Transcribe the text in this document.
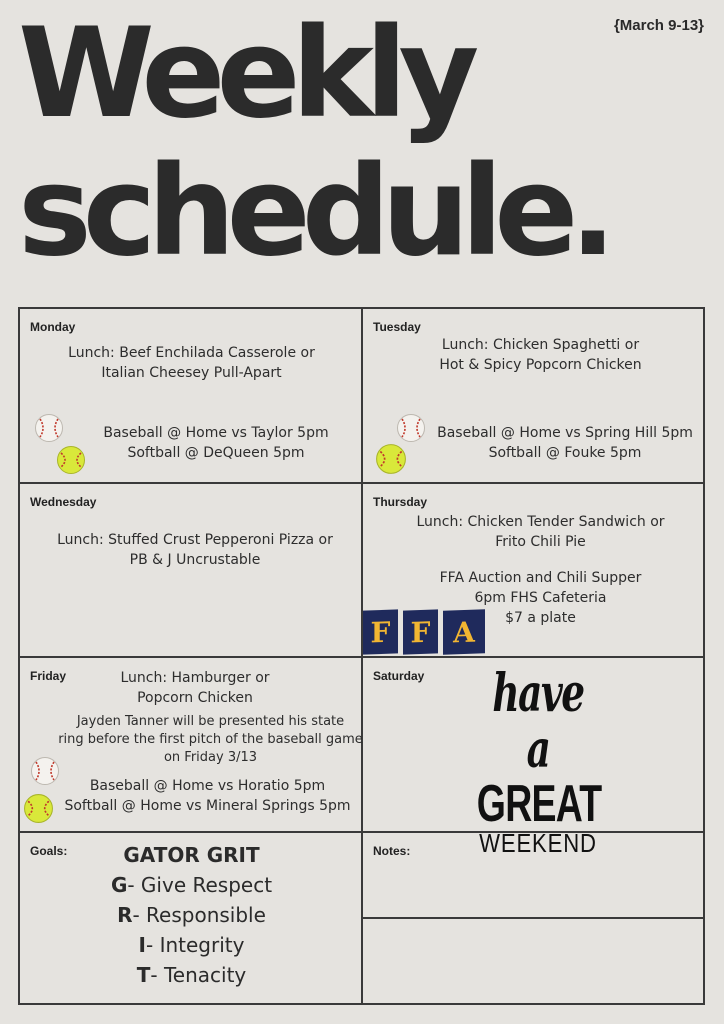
{March 9-13}
Weekly
schedule.
Monday
Lunch: Beef Enchilada Casserole or
Italian Cheesey Pull-Apart
Baseball @ Home vs Taylor 5pm
Softball @ DeQueen 5pm
Tuesday
Lunch: Chicken Spaghetti or
Hot & Spicy Popcorn Chicken
Baseball @ Home vs Spring Hill 5pm
Softball @ Fouke 5pm
Wednesday
Lunch: Stuffed Crust Pepperoni Pizza or
PB & J Uncrustable
Thursday
Lunch: Chicken Tender Sandwich or
Frito Chili Pie
FFA Auction and Chili Supper
6pm FHS Cafeteria
$7 a plate
F F A
Friday	Lunch: Hamburger or
Popcorn Chicken
Jayden Tanner will be presented his state
ring before the first pitch of the baseball game
on Friday 3/13
Baseball @ Home vs Horatio 5pm
Softball @ Home vs Mineral Springs 5pm
Saturday have a
GREAT
WEEKEND
Goals:	GATOR GRIT
G- Give Respect
R- Responsible
I- Integrity
T- Tenacity
Notes:
